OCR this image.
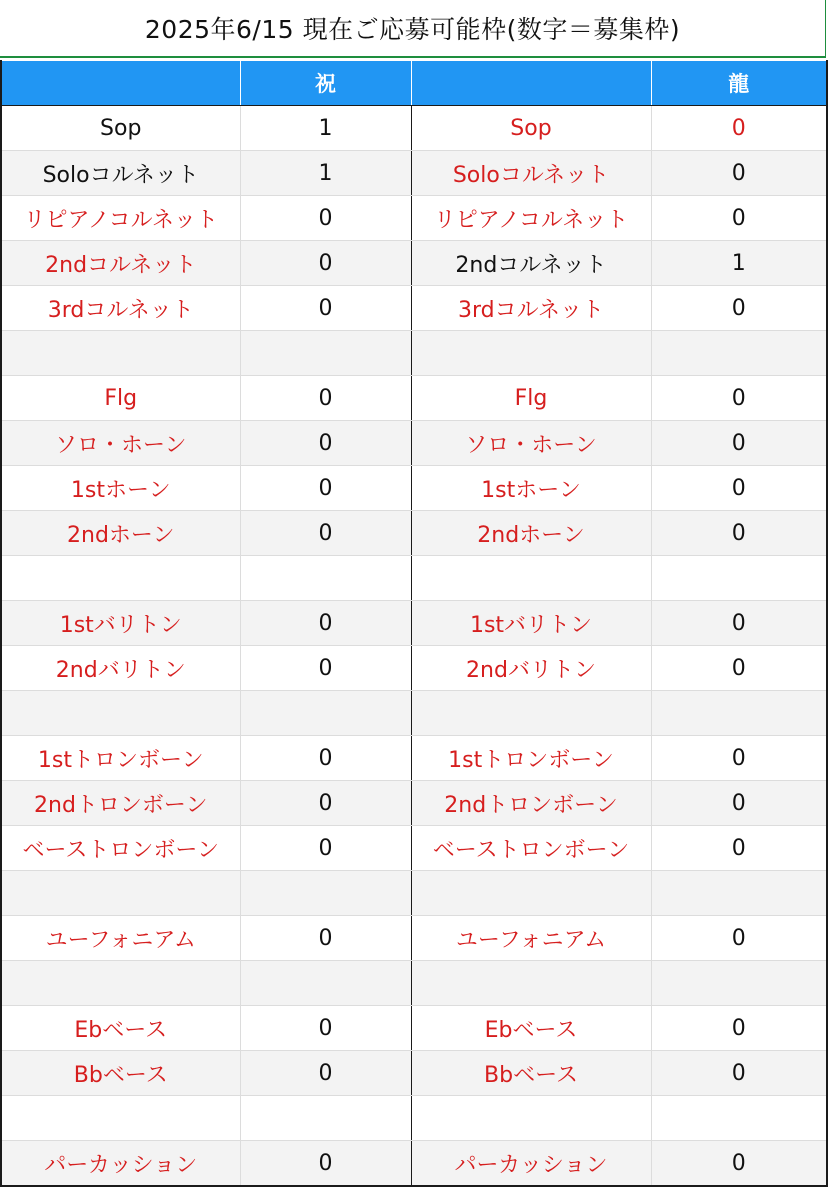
2025年6/15 現在ご応募可能枠(数字＝募集枠)
	祝		龍
Sop	1	Sop	0
Soloコルネット	1	Soloコルネット	0
リピアノコルネット	0	リピアノコルネット	0
2ndコルネット	0	2ndコルネット	1
3rdコルネット	0	3rdコルネット	0

Flg	0	Flg	0
ソロ・ホーン	0	ソロ・ホーン	0
1stホーン	0	1stホーン	0
2ndホーン	0	2ndホーン	0

1stバリトン	0	1stバリトン	0
2ndバリトン	0	2ndバリトン	0

1stトロンボーン	0	1stトロンボーン	0
2ndトロンボーン	0	2ndトロンボーン	0
ベーストロンボーン	0	ベーストロンボーン	0

ユーフォニアム	0	ユーフォニアム	0

Ebベース	0	Ebベース	0
Bbベース	0	Bbベース	0

パーカッション	0	パーカッション	0
